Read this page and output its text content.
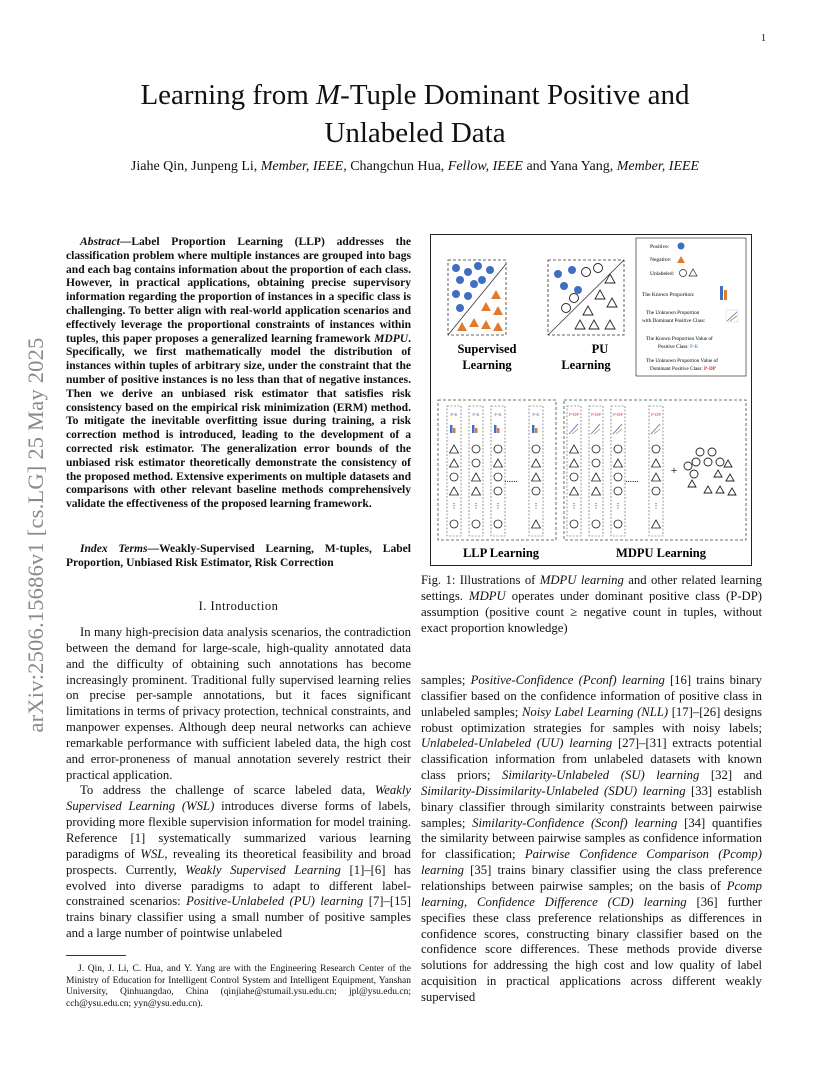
1
arXiv:2506.15686v1 [cs.LG] 25 May 2025
Learning from M-Tuple Dominant Positive and
Unlabeled Data
Jiahe Qin, Junpeng Li, Member, IEEE, Changchun Hua, Fellow, IEEE and Yana Yang, Member, IEEE
Abstract—Label Proportion Learning (LLP) addresses the classification problem where multiple instances are grouped into bags and each bag contains information about the proportion of each class. However, in practical applications, obtaining precise supervisory information regarding the proportion of instances in a specific class is challenging. To better align with real-world application scenarios and effectively leverage the proportional constraints of instances within tuples, this paper proposes a generalized learning framework MDPU. Specifically, we first mathematically model the distribution of instances within tuples of arbitrary size, under the constraint that the number of positive instances is no less than that of negative instances. Then we derive an unbiased risk estimator that satisfies risk consistency based on the empirical risk minimization (ERM) method. To mitigate the inevitable overfitting issue during training, a risk correction method is introduced, leading to the development of a corrected risk estimator. The generalization error bounds of the unbiased risk estimator theoretically demonstrate the consistency of the proposed method. Extensive experiments on multiple datasets and comparisons with other relevant baseline methods comprehensively validate the effectiveness of the proposed learning framework.
Index Terms—Weakly-Supervised Learning, M-tuples, Label Proportion, Unbiased Risk Estimator, Risk Correction
I. Introduction

In many high-precision data analysis scenarios, the contradiction between the demand for large-scale, high-quality annotated data and the difficulty of obtaining such annotations has become increasingly prominent. Traditional fully supervised learning relies on precise per-sample annotations, but it faces significant limitations in terms of privacy protection, technical constraints, and manpower expenses. Although deep neural networks can achieve remarkable performance with sufficient labeled data, the high cost and error-proneness of manual annotation severely restrict their practical application.

To address the challenge of scarce labeled data, Weakly Supervised Learning (WSL) introduces diverse forms of labels, providing more flexible supervision information for model training. Reference [1] systematically summarized various learning paradigms of WSL, revealing its theoretical feasibility and broad prospects. Currently, Weakly Supervised Learning [1]–[6] has evolved into diverse paradigms to adapt to different label-constrained scenarios: Positive-Unlabeled (PU) learning [7]–[15] trains binary classifier using a small number of positive samples and a large number of pointwise unlabeled

J. Qin, J. Li, C. Hua, and Y. Yang are with the Engineering Research Center of the Ministry of Education for Intelligent Control System and Intelligent Equipment, Yanshan University, Qinhuangdao, China (qinjiahe@stumail.ysu.edu.cn; jpl@ysu.edu.cn; cch@ysu.edu.cn; yyn@ysu.edu.cn).
Supervised
Learning
PU
Learning
Positive:
Negative:
Unlabeled:
The Known Proportion:
The Unknown Proportion
with Dominant Positive Class:
The Known Proportion Value of
Positive Class: P-K
The Unknown Proportion Value of
Dominant Positive Class: P-DP
P-K
⋮
P-K
⋮
P-K
⋮
P-K
⋮
P-DP
⋮
P-DP
⋮
P-DP
⋮
P-DP
⋮
......	......
+
LLP Learning	MDPU Learning
Fig. 1: Illustrations of MDPU learning and other related learning settings. MDPU operates under dominant positive class (P-DP) assumption (positive count ≥ negative count in tuples, without exact proportion knowledge)

samples; Positive-Confidence (Pconf) learning [16] trains binary classifier based on the confidence information of positive class in unlabeled samples; Noisy Label Learning (NLL) [17]–[26] designs robust optimization strategies for samples with noisy labels; Unlabeled-Unlabeled (UU) learning [27]–[31] extracts potential classification information from unlabeled datasets with known class priors; Similarity-Unlabeled (SU) learning [32] and Similarity-Dissimilarity-Unlabeled (SDU) learning [33] establish binary classifier through similarity constraints between pairwise samples; Similarity-Confidence (Sconf) learning [34] quantifies the similarity between pairwise samples as confidence information for classification; Pairwise Confidence Comparison (Pcomp) learning [35] trains binary classifier using the class preference relationships between pairwise samples; on the basis of Pcomp learning, Confidence Difference (CD) learning [36] further specifies these class preference relationships as differences in confidence scores, constructing binary classifier based on the confidence score differences. These methods provide diverse solutions for addressing the high cost and low quality of label acquisition in practical applications across different weakly supervised
